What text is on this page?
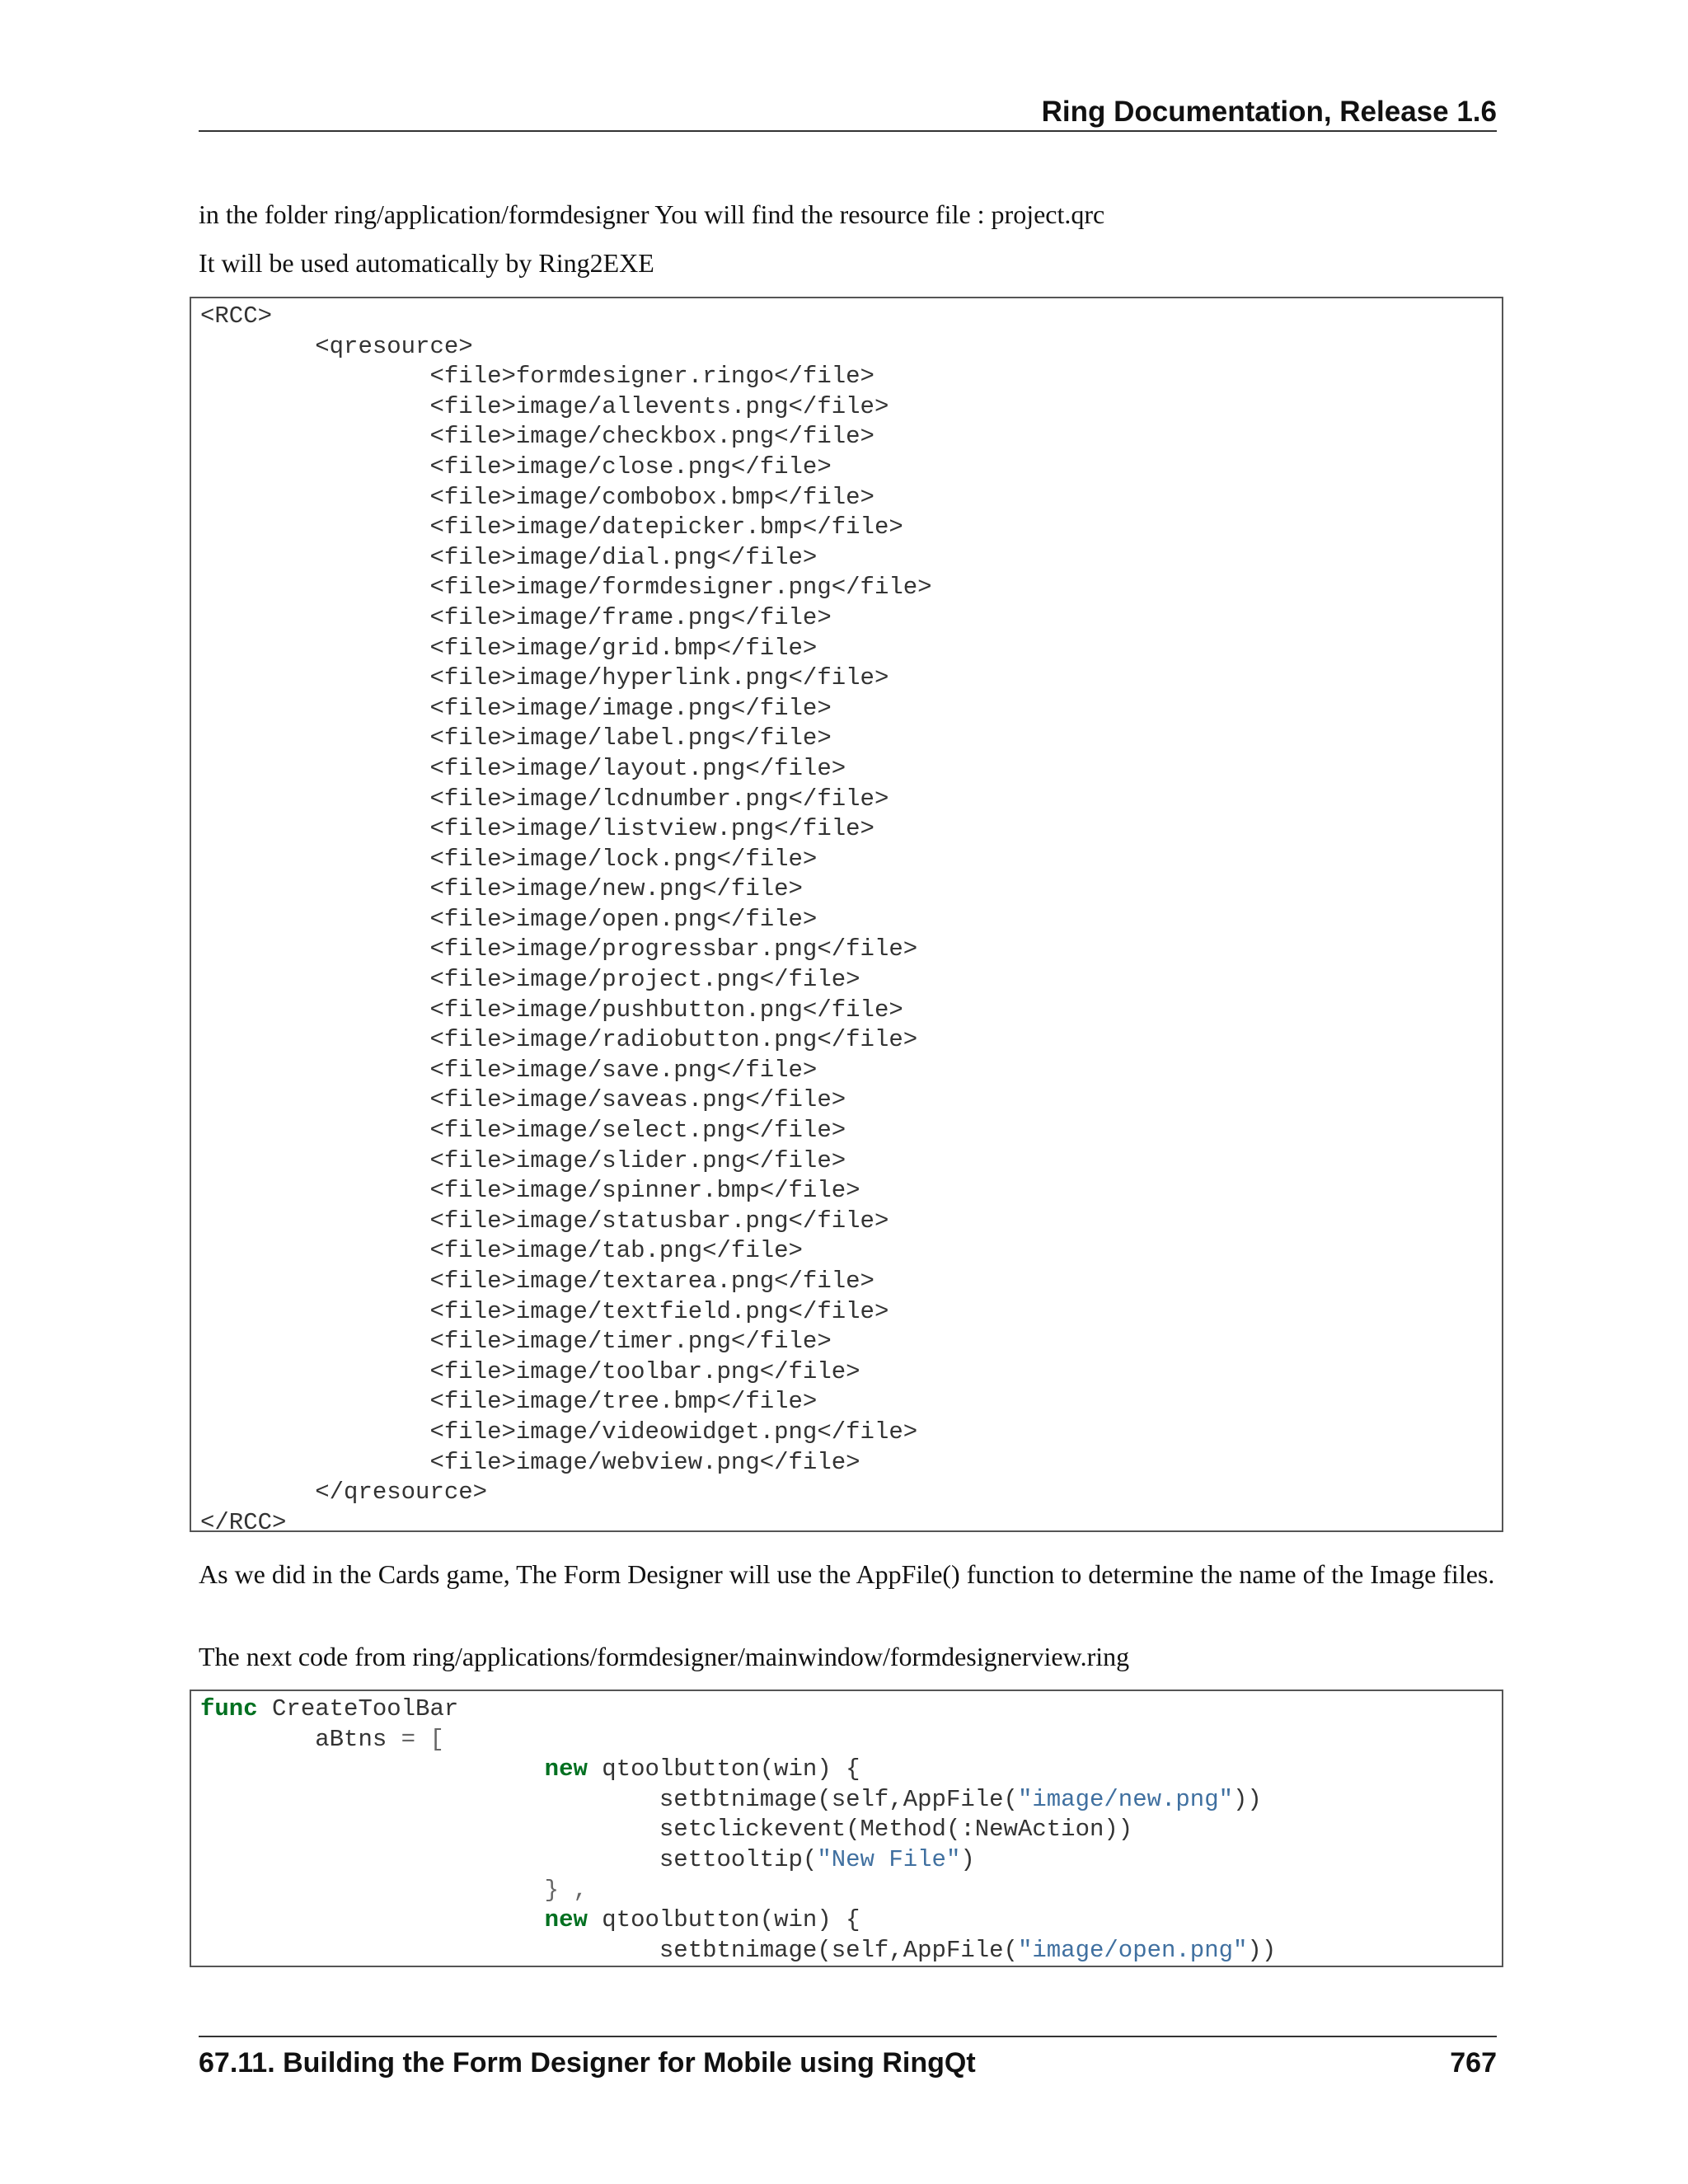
Ring Documentation, Release 1.6
in the folder ring/application/formdesigner You will find the resource file : project.qrc
It will be used automatically by Ring2EXE
<RCC>
	<qresource>
		<file>formdesigner.ringo</file>
		<file>image/allevents.png</file>
		<file>image/checkbox.png</file>
		<file>image/close.png</file>
		<file>image/combobox.bmp</file>
		<file>image/datepicker.bmp</file>
		<file>image/dial.png</file>
		<file>image/formdesigner.png</file>
		<file>image/frame.png</file>
		<file>image/grid.bmp</file>
		<file>image/hyperlink.png</file>
		<file>image/image.png</file>
		<file>image/label.png</file>
		<file>image/layout.png</file>
		<file>image/lcdnumber.png</file>
		<file>image/listview.png</file>
		<file>image/lock.png</file>
		<file>image/new.png</file>
		<file>image/open.png</file>
		<file>image/progressbar.png</file>
		<file>image/project.png</file>
		<file>image/pushbutton.png</file>
		<file>image/radiobutton.png</file>
		<file>image/save.png</file>
		<file>image/saveas.png</file>
		<file>image/select.png</file>
		<file>image/slider.png</file>
		<file>image/spinner.bmp</file>
		<file>image/statusbar.png</file>
		<file>image/tab.png</file>
		<file>image/textarea.png</file>
		<file>image/textfield.png</file>
		<file>image/timer.png</file>
		<file>image/toolbar.png</file>
		<file>image/tree.bmp</file>
		<file>image/videowidget.png</file>
		<file>image/webview.png</file>
	</qresource>
</RCC>
As we did in the Cards game, The Form Designer will use the AppFile() function to determine the name of the Image files.
The next code from ring/applications/formdesigner/mainwindow/formdesignerview.ring
func CreateToolBar
	aBtns = [
			new qtoolbutton(win) {
				setbtnimage(self,AppFile("image/new.png"))
				setclickevent(Method(:NewAction))
				settooltip("New File")
			} ,
			new qtoolbutton(win) {
				setbtnimage(self,AppFile("image/open.png"))
67.11. Building the Form Designer for Mobile using RingQt	767
